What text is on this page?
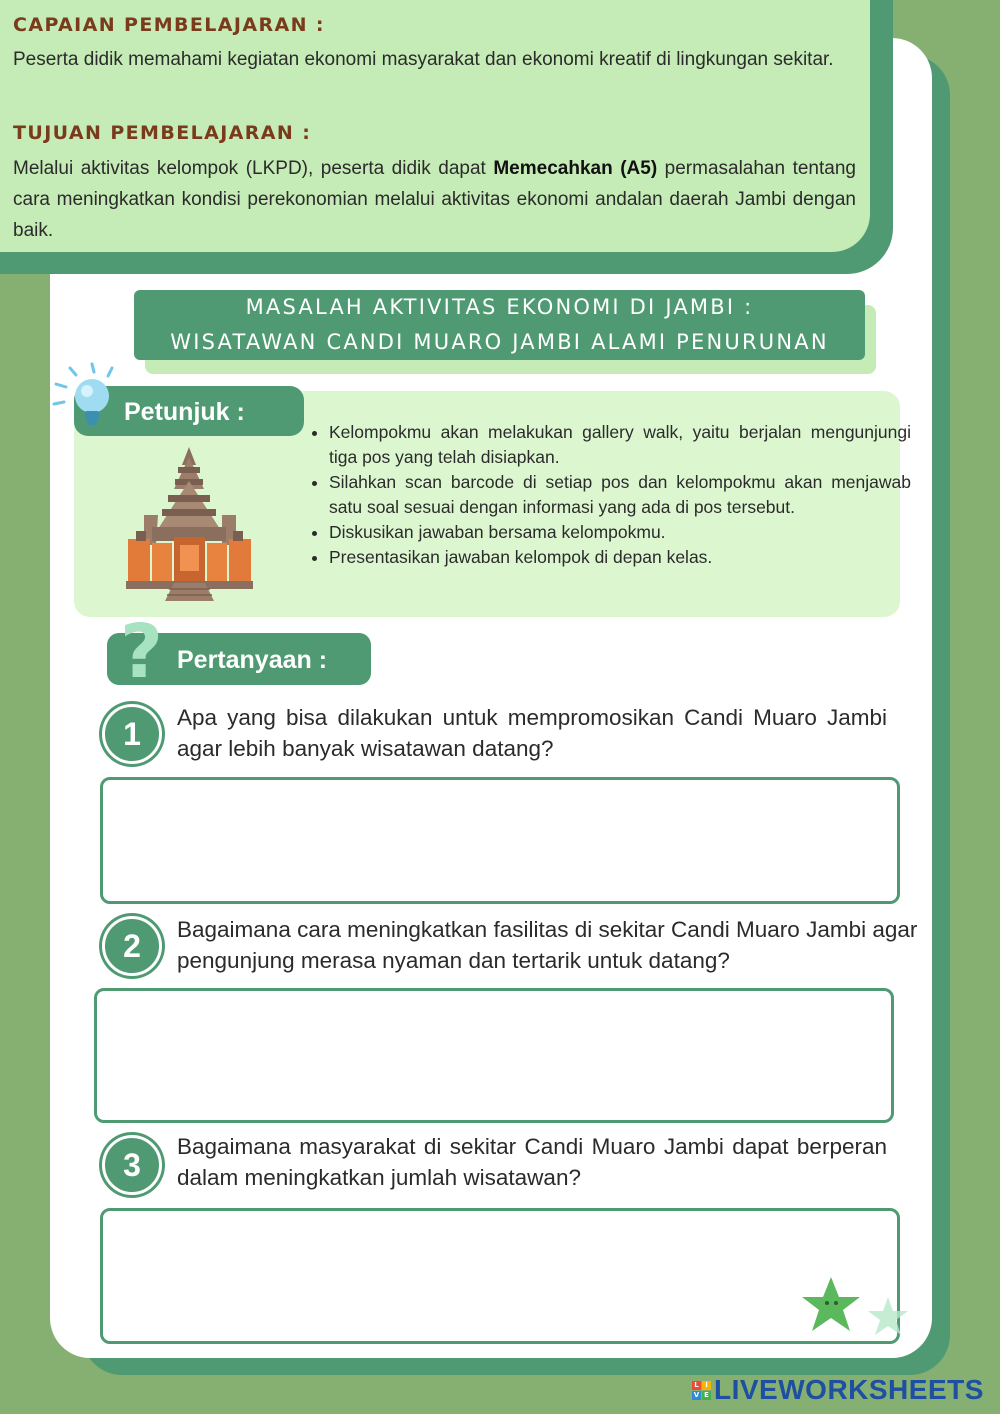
CAPAIAN PEMBELAJARAN :
Peserta didik memahami kegiatan ekonomi masyarakat dan ekonomi kreatif di lingkungan sekitar.
TUJUAN PEMBELAJARAN :
Melalui aktivitas kelompok (LKPD), peserta didik dapat Memecahkan (A5) permasalahan tentang cara meningkatkan kondisi perekonomian melalui aktivitas ekonomi andalan daerah Jambi dengan baik.
MASALAH AKTIVITAS EKONOMI DI JAMBI :
WISATAWAN CANDI MUARO JAMBI ALAMI PENURUNAN
Petunjuk :
• Kelompokmu akan melakukan gallery walk, yaitu berjalan mengunjungi tiga pos yang telah disiapkan.
• Silahkan scan barcode di setiap pos dan kelompokmu akan menjawab satu soal sesuai dengan informasi yang ada di pos tersebut.
• Diskusikan jawaban bersama kelompokmu.
• Presentasikan jawaban kelompok di depan kelas.
? Pertanyaan :
1	Apa yang bisa dilakukan untuk mempromosikan Candi Muaro Jambi agar lebih banyak wisatawan datang?
2	Bagaimana cara meningkatkan fasilitas di sekitar Candi Muaro Jambi agar pengunjung merasa nyaman dan tertarik untuk datang?
3
Bagaimana masyarakat di sekitar Candi Muaro Jambi dapat berperan dalam meningkatkan jumlah wisatawan?
L I
V E LIVEWORKSHEETS
